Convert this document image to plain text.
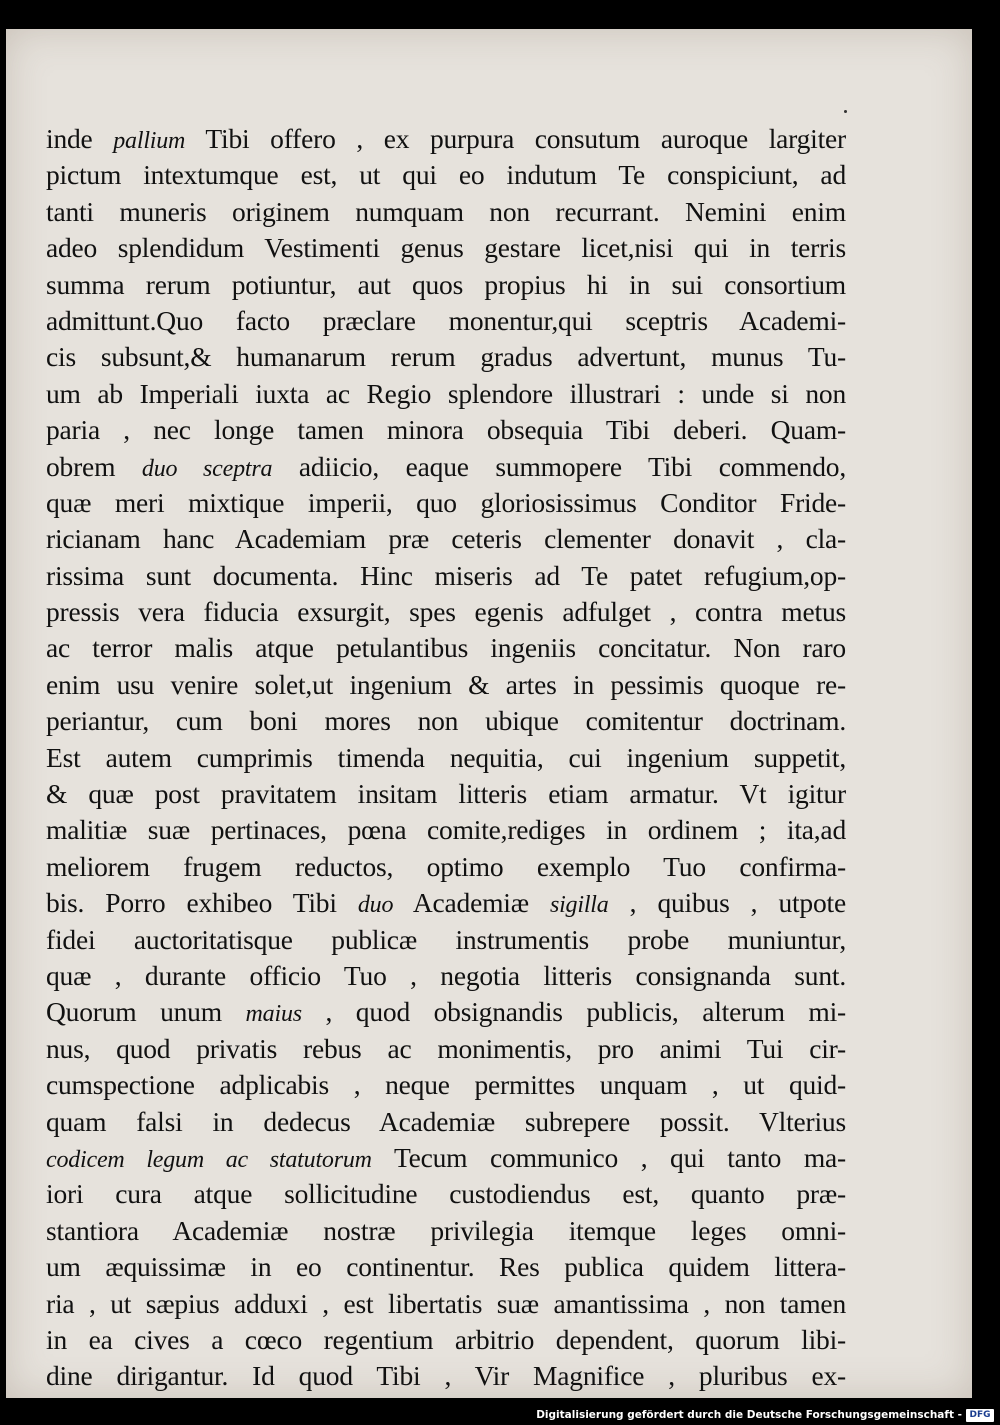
inde pallium Tibi offero , ex purpura consutum auroque largiter
pictum intextumque est, ut qui eo indutum Te conspiciunt, ad
tanti muneris originem numquam non recurrant. Nemini enim
adeo splendidum Vestimenti genus gestare licet,nisi qui in terris
summa rerum potiuntur, aut quos propius hi in sui consortium
admittunt.Quo facto præclare monentur,qui sceptris Academi-
cis subsunt,& humanarum rerum gradus advertunt, munus Tu-
um ab Imperiali iuxta ac Regio splendore illustrari : unde si non
paria , nec longe tamen minora obsequia Tibi deberi. Quam-
obrem duo sceptra adiicio, eaque summopere Tibi commendo,
quæ meri mixtique imperii, quo gloriosissimus Conditor Fride-
ricianam hanc Academiam præ ceteris clementer donavit , cla-
rissima sunt documenta. Hinc miseris ad Te patet refugium,op-
pressis vera fiducia exsurgit, spes egenis adfulget , contra metus
ac terror malis atque petulantibus ingeniis concitatur. Non raro
enim usu venire solet,ut ingenium & artes in pessimis quoque re-
periantur, cum boni mores non ubique comitentur doctrinam.
Est autem cumprimis timenda nequitia, cui ingenium suppetit,
& quæ post pravitatem insitam litteris etiam armatur. Vt igitur
malitiæ suæ pertinaces, pœna comite,rediges in ordinem ; ita,ad
meliorem frugem reductos, optimo exemplo Tuo confirma-
bis. Porro exhibeo Tibi duo Academiæ sigilla , quibus , utpote
fidei auctoritatisque publicæ instrumentis probe muniuntur,
quæ , durante officio Tuo , negotia litteris consignanda sunt.
Quorum unum maius , quod obsignandis publicis, alterum mi-
nus, quod privatis rebus ac monimentis, pro animi Tui cir-
cumspectione adplicabis , neque permittes unquam , ut quid-
quam falsi in dedecus Academiæ subrepere possit. Vlterius
codicem legum ac statutorum Tecum communico , qui tanto ma-
iori cura atque sollicitudine custodiendus est, quanto præ-
stantiora Academiæ nostræ privilegia itemque leges omni-
um æquissimæ in eo continentur. Res publica quidem littera-
ria , ut sæpius adduxi , est libertatis suæ amantissima , non tamen
in ea cives a cœco regentium arbitrio dependent, quorum libi-
dine dirigantur. Id quod Tibi , Vir Magnifice , pluribus ex-
Digitalisierung gefördert durch die Deutsche Forschungsgemeinschaft - DFG
